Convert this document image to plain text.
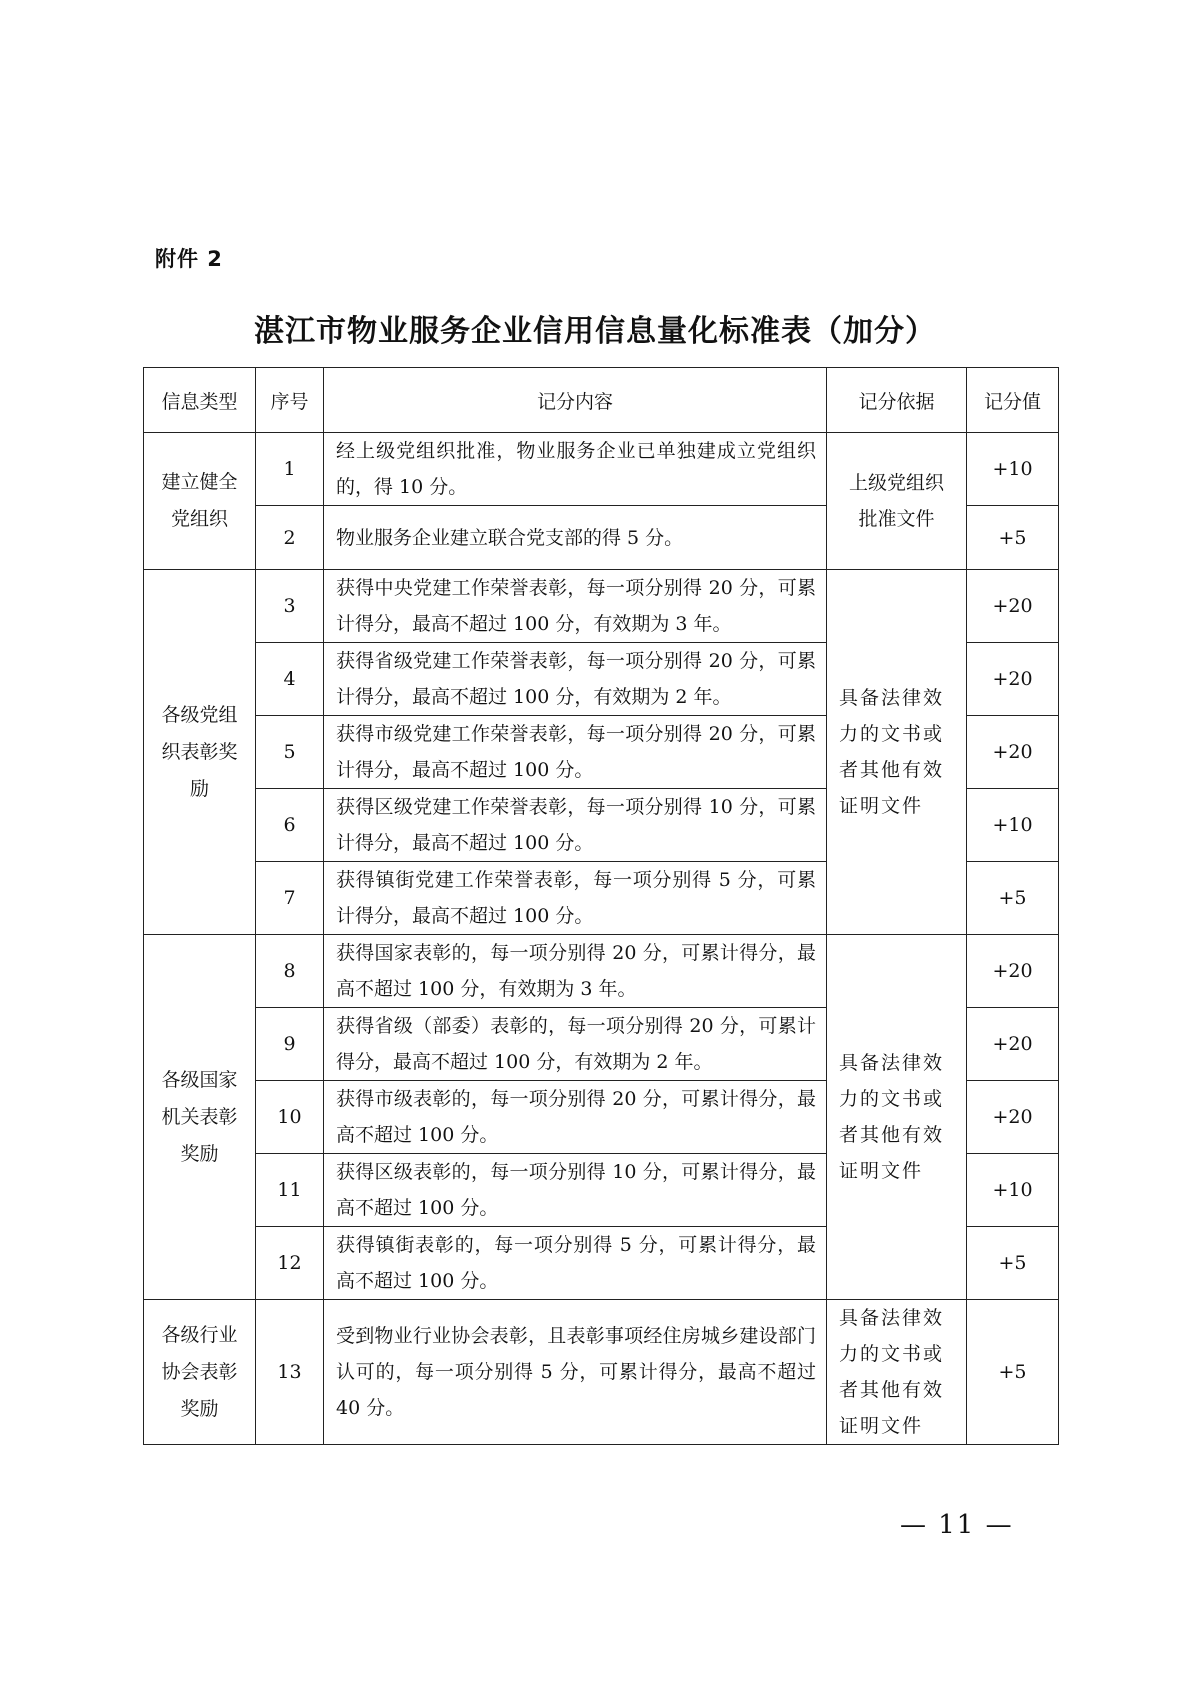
附件 2
湛江市物业服务企业信用信息量化标准表（加分）
信息类型	序号	记分内容	记分依据	记分值
建立健全党组织	1	经上级党组织批准，物业服务企业已单独建成立党组织的，得 10 分。	上级党组织批准文件	+10
	2	物业服务企业建立联合党支部的得 5 分。		+5
各级党组织表彰奖励	3	获得中央党建工作荣誉表彰，每一项分别得 20 分，可累计得分，最高不超过 100 分，有效期为 3 年。	具备法律效力的文书或者其他有效证明文件	+20
	4	获得省级党建工作荣誉表彰，每一项分别得 20 分，可累计得分，最高不超过 100 分，有效期为 2 年。		+20
	5	获得市级党建工作荣誉表彰，每一项分别得 20 分，可累计得分，最高不超过 100 分。		+20
	6	获得区级党建工作荣誉表彰，每一项分别得 10 分，可累计得分，最高不超过 100 分。		+10
	7	获得镇街党建工作荣誉表彰，每一项分别得 5 分，可累计得分，最高不超过 100 分。		+5
各级国家机关表彰奖励	8	获得国家表彰的，每一项分别得 20 分，可累计得分，最高不超过 100 分，有效期为 3 年。	具备法律效力的文书或者其他有效证明文件	+20
	9	获得省级（部委）表彰的，每一项分别得 20 分，可累计得分，最高不超过 100 分，有效期为 2 年。		+20
	10	获得市级表彰的，每一项分别得 20 分，可累计得分，最高不超过 100 分。		+20
	11	获得区级表彰的，每一项分别得 10 分，可累计得分，最高不超过 100 分。		+10
	12	获得镇街表彰的，每一项分别得 5 分，可累计得分，最高不超过 100 分。		+5
各级行业协会表彰奖励	13	受到物业行业协会表彰，且表彰事项经住房城乡建设部门认可的，每一项分别得 5 分，可累计得分，最高不超过 40 分。	具备法律效力的文书或者其他有效证明文件	+5
— 11 —
